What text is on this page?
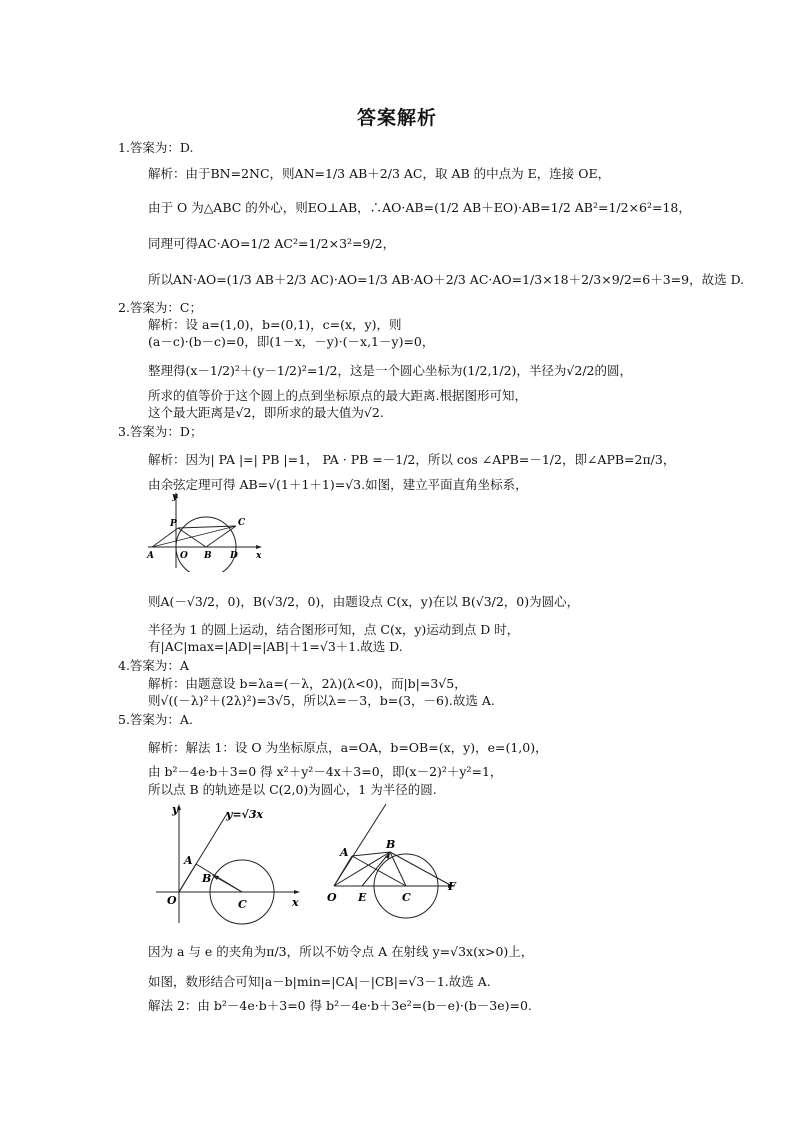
答案解析
1.答案为：D.
解析：由于BN=2NC，则AN=1/3 AB＋2/3 AC，取 AB 的中点为 E，连接 OE，
由于 O 为△ABC 的外心，则EO⊥AB，∴AO·AB=(1/2 AB＋EO)·AB=1/2 AB²=1/2×6²=18，
同理可得AC·AO=1/2 AC²=1/2×3²=9/2，
所以AN·AO=(1/3 AB＋2/3 AC)·AO=1/3 AB·AO＋2/3 AC·AO=1/3×18＋2/3×9/2=6＋3=9，故选 D.
2.答案为：C；
解析：设 a=(1,0)，b=(0,1)，c=(x，y)，则
(a－c)·(b－c)=0，即(1－x，－y)·(－x,1－y)=0，
整理得(x－1/2)²＋(y－1/2)²=1/2，这是一个圆心坐标为(1/2,1/2)，半径为√2/2的圆，
所求的值等价于这个圆上的点到坐标原点的最大距离.根据图形可知，
这个最大距离是√2，即所求的最大值为√2.
3.答案为：D；
解析：因为| PA |=| PB |=1， PA · PB =－1/2，所以 cos ∠APB=－1/2，即∠APB=2π/3，
由余弦定理可得 AB=√(1＋1＋1)=√3.如图，建立平面直角坐标系，
y
P	C
A	O B D x
则A(－√3/2，0)，B(√3/2，0)，由题设点 C(x，y)在以 B(√3/2，0)为圆心，
半径为 1 的圆上运动，结合图形可知，点 C(x，y)运动到点 D 时，
有|AC|max=|AD|=|AB|＋1=√3＋1.故选 D.
4.答案为：A
解析：由题意设 b=λa=(－λ，2λ)(λ<0)，而|b|=3√5，
则√((－λ)²＋(2λ)²)=3√5，所以λ=－3，b=(3，－6).故选 A.
5.答案为：A.
解析：解法 1：设 O 为坐标原点，a=OA，b=OB=(x，y)，e=(1,0)，
由 b²－4e·b＋3=0 得 x²＋y²－4x＋3=0，即(x－2)²＋y²=1，
所以点 B 的轨迹是以 C(2,0)为圆心，1 为半径的圆.
y	y=√3x
A
B
O	C	x
A
B
O E	C
F
因为 a 与 e 的夹角为π/3，所以不妨令点 A 在射线 y=√3x(x>0)上，
如图，数形结合可知|a－b|min=|CA|－|CB|=√3－1.故选 A.
解法 2：由 b²－4e·b＋3=0 得 b²－4e·b＋3e²=(b－e)·(b－3e)=0.
